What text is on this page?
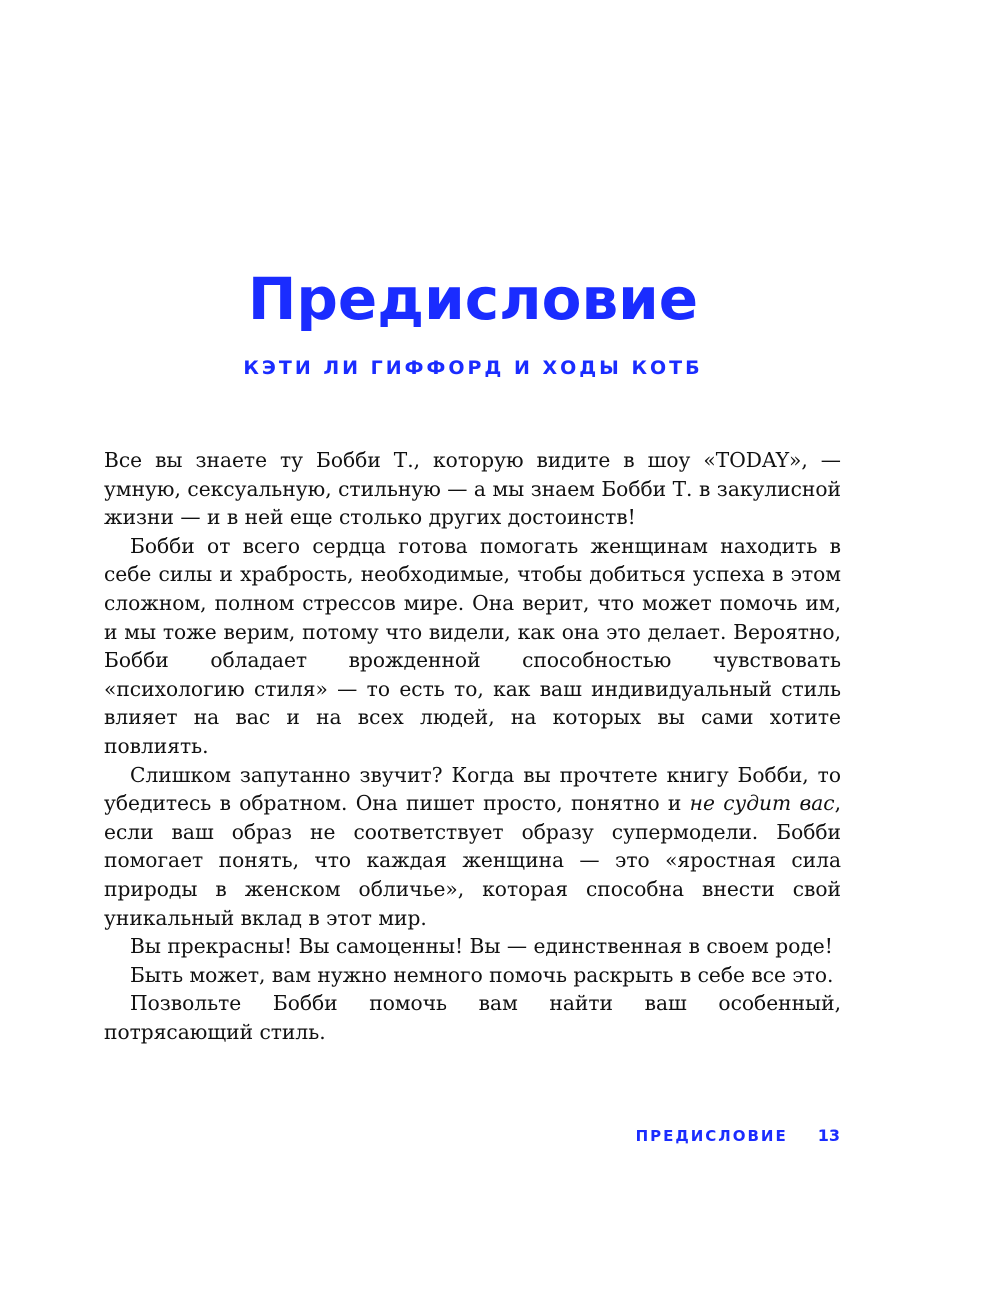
Предисловие
КЭТИ ЛИ ГИФФОРД И ХОДЫ КОТБ

Все вы знаете ту Бобби Т., которую видите в шоу «TODAY», — умную, сексуальную, стильную — а мы знаем Бобби Т. в закулисной жизни — и в ней еще столько других достоинств!

Бобби от всего сердца готова помогать женщинам находить в себе силы и храбрость, необходимые, чтобы добиться успеха в этом сложном, полном стрессов мире. Она верит, что может помочь им, и мы тоже верим, потому что видели, как она это делает. Вероятно, Бобби обладает врожденной способностью чувствовать «психологию стиля» — то есть то, как ваш индивидуальный стиль влияет на вас и на всех людей, на которых вы сами хотите повлиять.

Слишком запутанно звучит? Когда вы прочтете книгу Бобби, то убедитесь в обратном. Она пишет просто, понятно и не судит вас, если ваш образ не соответствует образу супермодели. Бобби помогает понять, что каждая женщина — это «яростная сила природы в женском обличье», которая способна внести свой уникальный вклад в этот мир.

Вы прекрасны! Вы самоценны! Вы — единственная в своем роде!

Быть может, вам нужно немного помочь раскрыть в себе все это.

Позвольте Бобби помочь вам найти ваш особенный, потрясающий стиль.

ПРЕДИСЛОВИЕ 13
